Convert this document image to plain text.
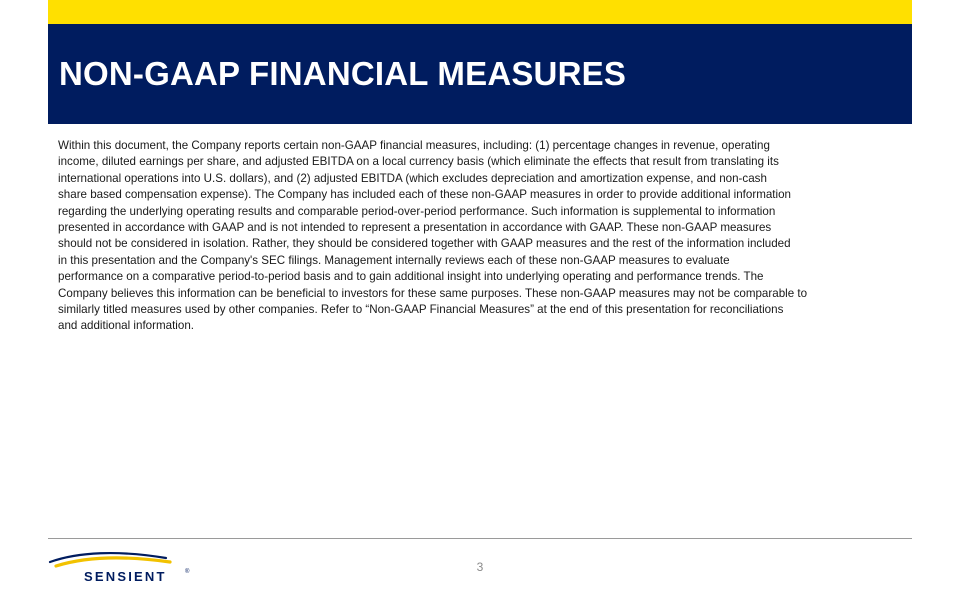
NON-GAAP FINANCIAL MEASURES
Within this document, the Company reports certain non-GAAP financial measures, including: (1) percentage changes in revenue, operating
income, diluted earnings per share, and adjusted EBITDA on a local currency basis (which eliminate the effects that result from translating its
international operations into U.S. dollars), and (2) adjusted EBITDA (which excludes depreciation and amortization expense, and non-cash
share based compensation expense). The Company has included each of these non-GAAP measures in order to provide additional information
regarding the underlying operating results and comparable period-over-period performance. Such information is supplemental to information
presented in accordance with GAAP and is not intended to represent a presentation in accordance with GAAP. These non-GAAP measures
should not be considered in isolation. Rather, they should be considered together with GAAP measures and the rest of the information included
in this presentation and the Company's SEC filings. Management internally reviews each of these non-GAAP measures to evaluate
performance on a comparative period-to-period basis and to gain additional insight into underlying operating and performance trends. The
Company believes this information can be beneficial to investors for these same purposes. These non-GAAP measures may not be comparable to
similarly titled measures used by other companies. Refer to “Non-GAAP Financial Measures” at the end of this presentation for reconciliations
and additional information.
SENSIENT	®	3
